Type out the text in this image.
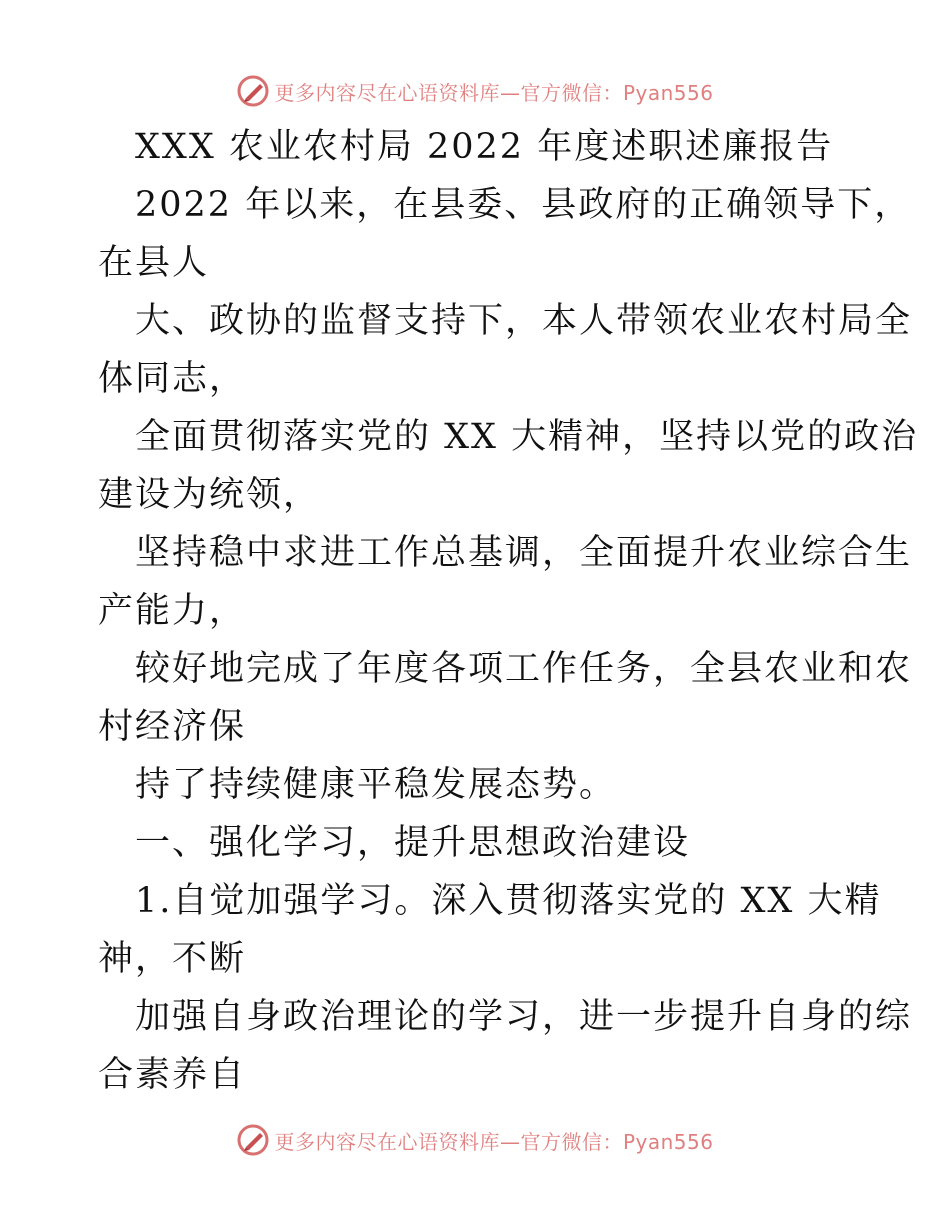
更多内容尽在心语资料库—官方微信：Pyan556
XXX 农业农村局 2022 年度述职述廉报告
2022 年以来，在县委、县政府的正确领导下，
在县人
大、政协的监督支持下，本人带领农业农村局全
体同志，
全面贯彻落实党的 XX 大精神，坚持以党的政治
建设为统领，
坚持稳中求进工作总基调，全面提升农业综合生
产能力，
较好地完成了年度各项工作任务，全县农业和农
村经济保
持了持续健康平稳发展态势。
一、强化学习，提升思想政治建设
1.自觉加强学习。深入贯彻落实党的 XX 大精
神，不断
加强自身政治理论的学习，进一步提升自身的综
合素养自
更多内容尽在心语资料库—官方微信：Pyan556
